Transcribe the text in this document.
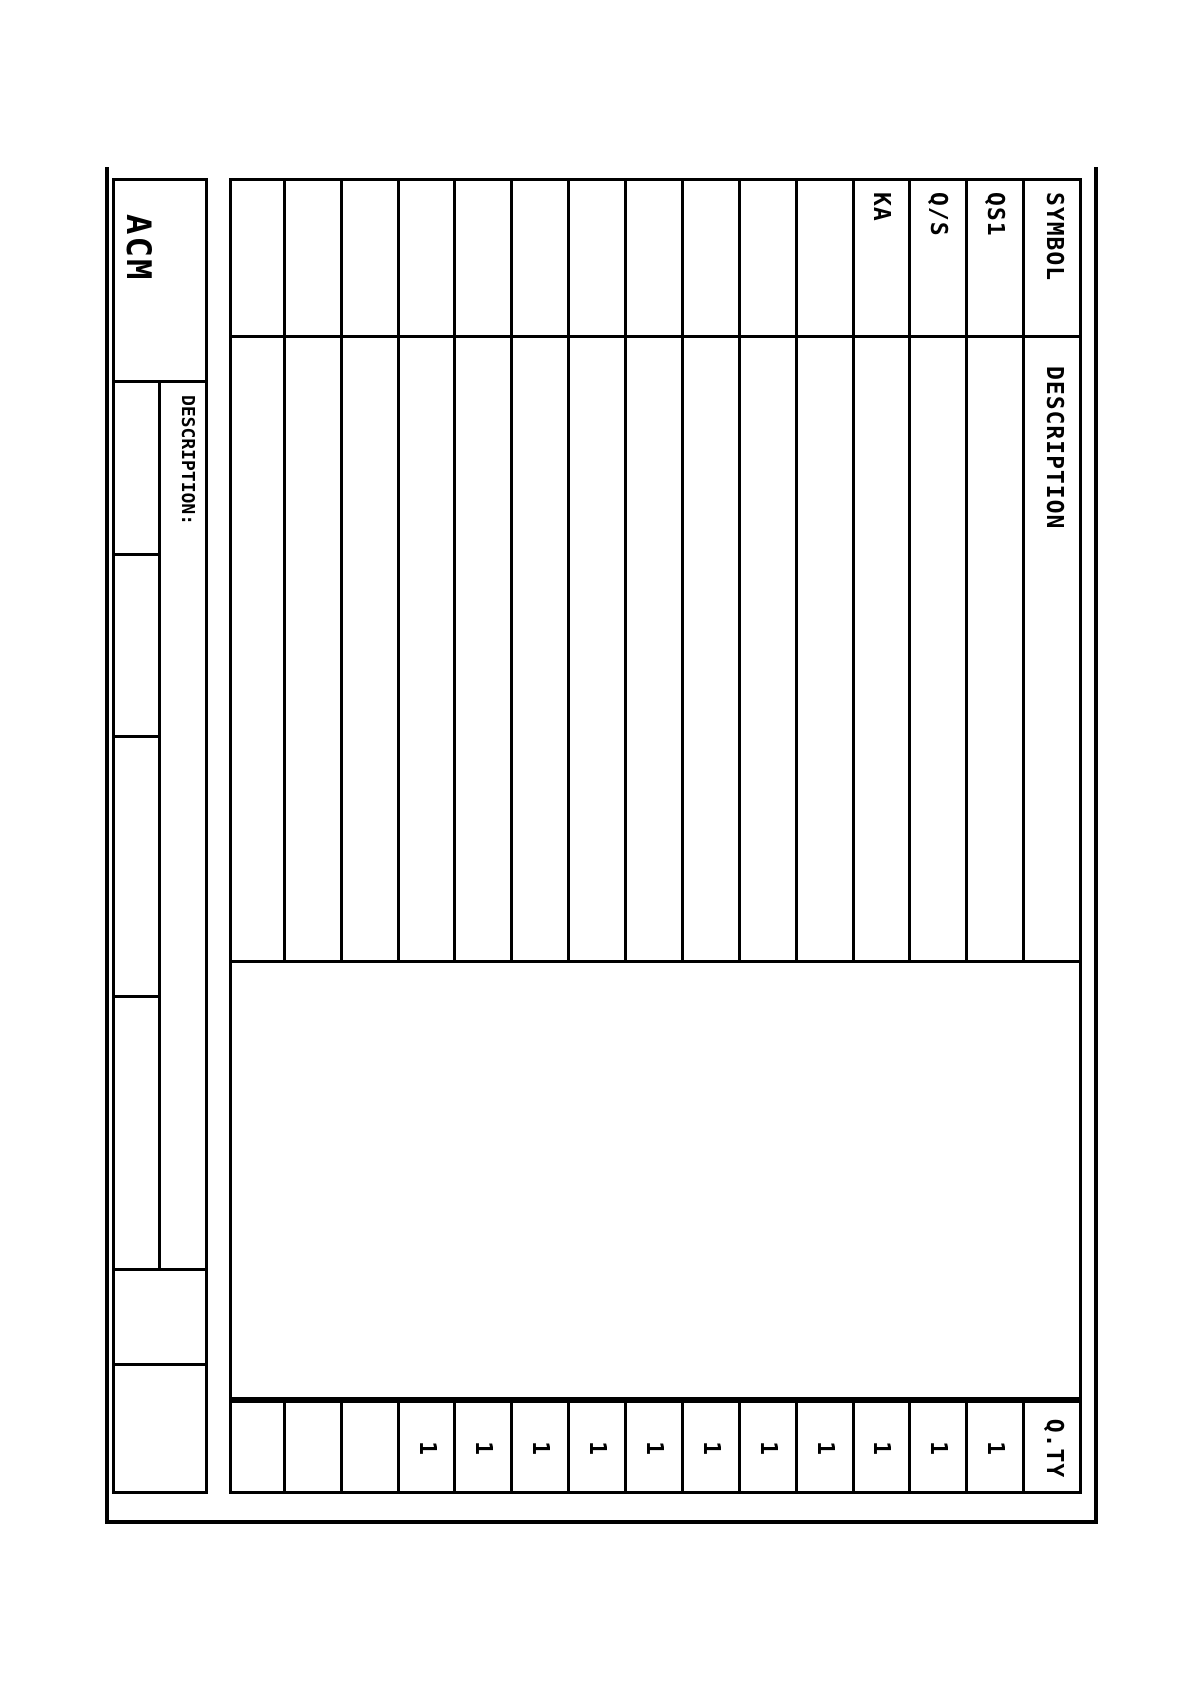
SYMBOL
DESCRIPTION
Q.TY
QS1
1
Q/S
1
KA
1
1
1
1
1
1
1
1
1
ACM
DESCRIPTION:
